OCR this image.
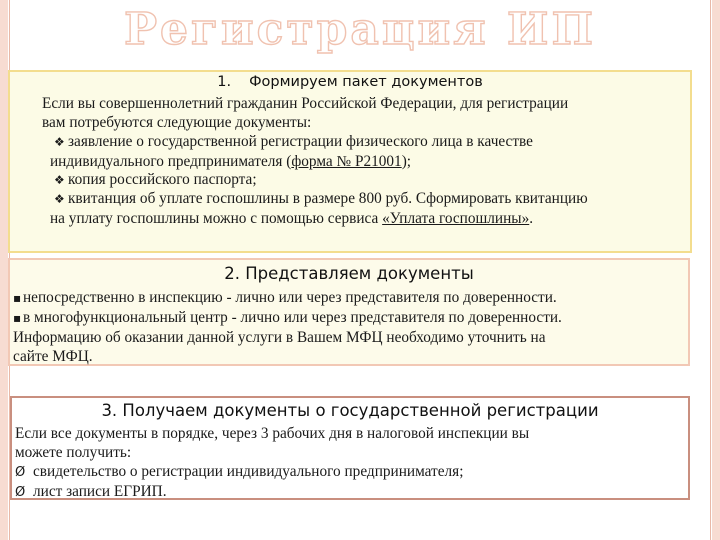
Регистрация ИП
1. Формируем пакет документов
Если вы совершеннолетний гражданин Российской Федерации, для регистрации
вам потребуются следующие документы:
❖ заявление о государственной регистрации физического лица в качестве
индивидуального предпринимателя (форма № Р21001);
❖ копия российского паспорта;
❖ квитанция об уплате госпошлины в размере 800 руб. Сформировать квитанцию
на уплату госпошлины можно с помощью сервиса «Уплата госпошлины».
2. Представляем документы
▪ непосредственно в инспекцию - лично или через представителя по доверенности.
▪ в многофункциональный центр - лично или через представителя по доверенности.
Информацию об оказании данной услуги в Вашем МФЦ необходимо уточнить на
сайте МФЦ.
3. Получаем документы о государственной регистрации
Если все документы в порядке, через 3 рабочих дня в налоговой инспекции вы
можете получить:
Ø свидетельство о регистрации индивидуального предпринимателя;
Ø лист записи ЕГРИП.
